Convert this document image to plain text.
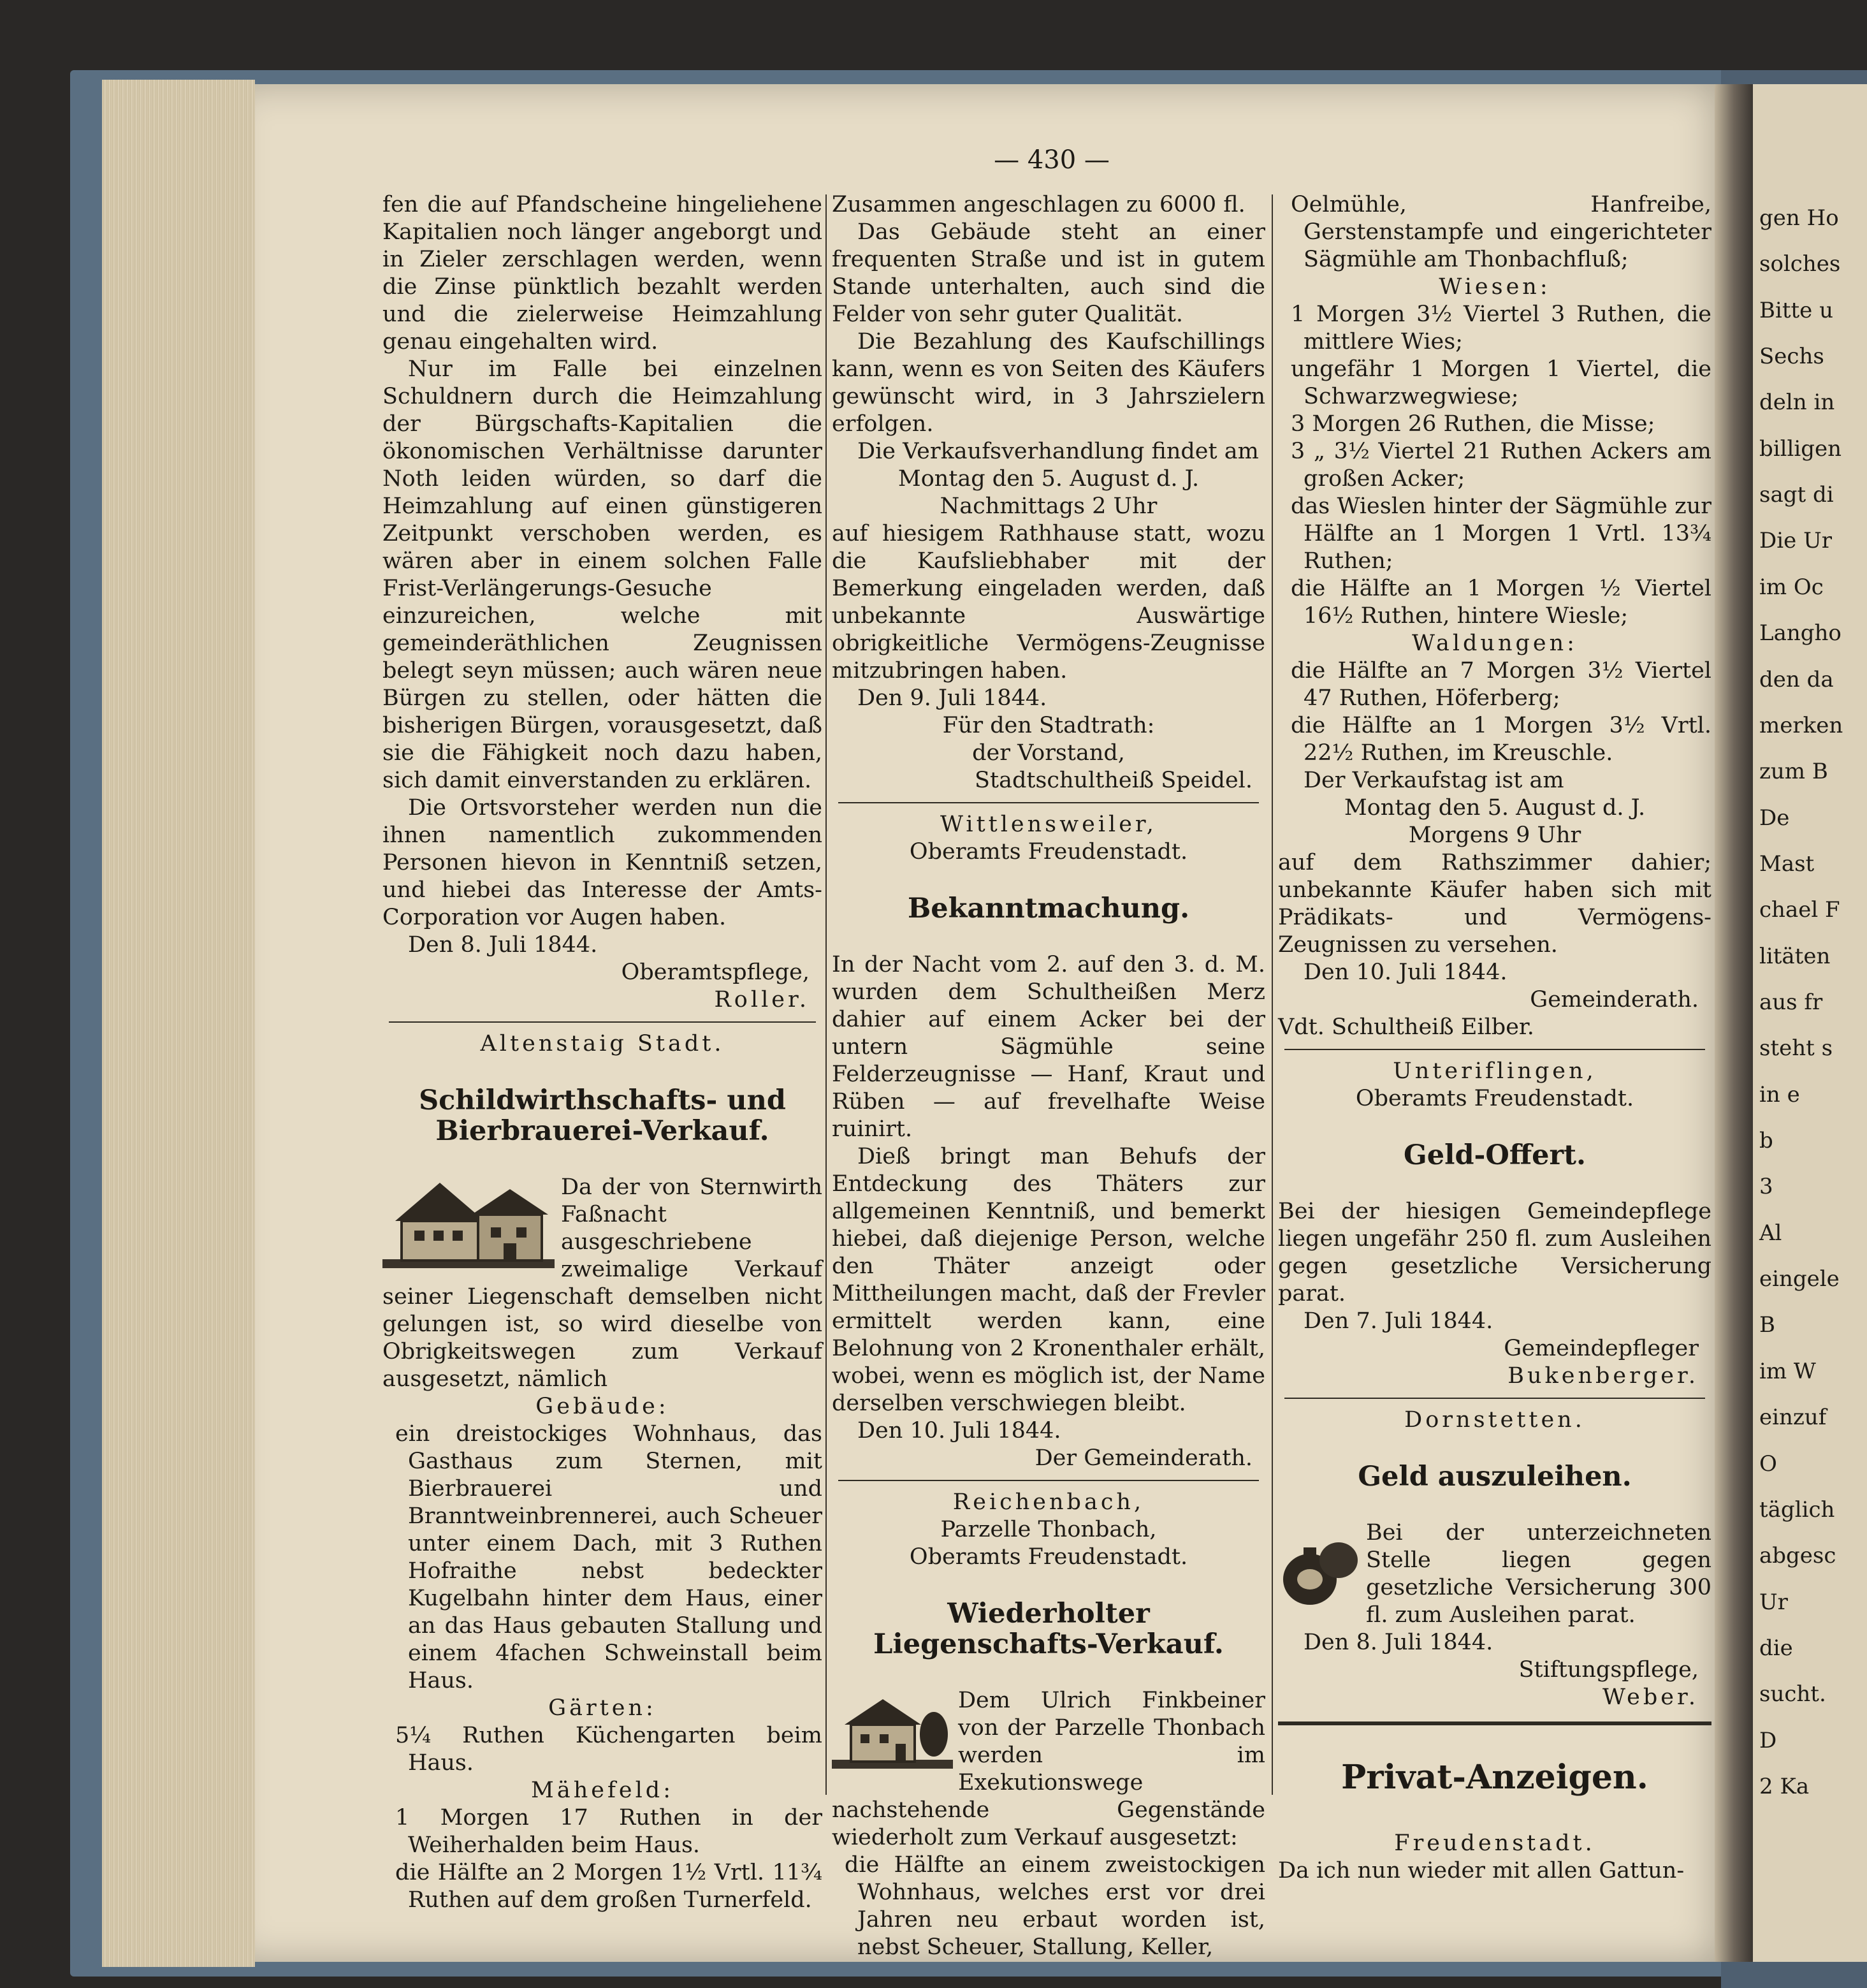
gen Ho
solches
Bitte u
Sechs
deln in
billigen
sagt di
Die Ur
im Oc
Langho
den da
merken
zum B
De
Mast
chael F
litäten
aus fr
steht s
in e
b
3
Al
eingele
B
im W
einzuf
O
täglich
abgesc
Ur
die
sucht.
D
2 Ka
— 430 —

fen die auf Pfandscheine hingeliehene Kapitalien noch länger angeborgt und in Zieler zerschlagen werden, wenn die Zinse pünktlich bezahlt werden und die zielerweise Heimzahlung genau eingehalten wird.

Nur im Falle bei einzelnen Schuldnern durch die Heimzahlung der Bürgschafts-Kapitalien die ökonomischen Verhältnisse darunter Noth leiden würden, so darf die Heimzahlung auf einen günstigeren Zeitpunkt verschoben werden, es wären aber in einem solchen Falle Frist-Verlängerungs-Gesuche einzureichen, welche mit gemeinderäthlichen Zeugnissen belegt seyn müssen; auch wären neue Bürgen zu stellen, oder hätten die bisherigen Bürgen, vorausgesetzt, daß sie die Fähigkeit noch dazu haben, sich damit einverstanden zu erklären.

Die Ortsvorsteher werden nun die ihnen namentlich zukommenden Personen hievon in Kenntniß setzen, und hiebei das Interesse der Amts-Corporation vor Augen haben.

Den 8. Juli 1844.

Oberamtspflege,

Roller.

Altenstaig Stadt.

Schildwirthschafts- und Bierbrauerei-Verkauf.

Da der von Sternwirth Faßnacht ausgeschriebene zweimalige Verkauf seiner Liegenschaft demselben nicht gelungen ist, so wird dieselbe von Obrigkeitswegen zum Verkauf ausgesetzt, nämlich

Gebäude:

ein dreistockiges Wohnhaus, das Gasthaus zum Sternen, mit Bierbrauerei und Branntweinbrennerei, auch Scheuer unter einem Dach, mit 3 Ruthen Hofraithe nebst bedeckter Kugelbahn hinter dem Haus, einer an das Haus gebauten Stallung und einem 4fachen Schweinstall beim Haus.

Gärten:

5¼ Ruthen Küchengarten beim Haus.

Mähefeld:

1 Morgen 17 Ruthen in der Weiherhalden beim Haus.

die Hälfte an 2 Morgen 1½ Vrtl. 11¾ Ruthen auf dem großen Turnerfeld.

Zusammen angeschlagen zu 6000 fl.

Das Gebäude steht an einer frequenten Straße und ist in gutem Stande unterhalten, auch sind die Felder von sehr guter Qualität.

Die Bezahlung des Kaufschillings kann, wenn es von Seiten des Käufers gewünscht wird, in 3 Jahrszielern erfolgen.

Die Verkaufsverhandlung findet am

Montag den 5. August d. J.

Nachmittags 2 Uhr

auf hiesigem Rathhause statt, wozu die Kaufsliebhaber mit der Bemerkung eingeladen werden, daß unbekannte Auswärtige obrigkeitliche Vermögens-Zeugnisse mitzubringen haben.

Den 9. Juli 1844.

Für den Stadtrath:

der Vorstand,

Stadtschultheiß Speidel.

Wittlensweiler,

Oberamts Freudenstadt.

Bekanntmachung.

In der Nacht vom 2. auf den 3. d. M. wurden dem Schultheißen Merz dahier auf einem Acker bei der untern Sägmühle seine Felderzeugnisse — Hanf, Kraut und Rüben — auf frevelhafte Weise ruinirt.

Dieß bringt man Behufs der Entdeckung des Thäters zur allgemeinen Kenntniß, und bemerkt hiebei, daß diejenige Person, welche den Thäter anzeigt oder Mittheilungen macht, daß der Frevler ermittelt werden kann, eine Belohnung von 2 Kronenthaler erhält, wobei, wenn es möglich ist, der Name derselben verschwiegen bleibt.

Den 10. Juli 1844.

Der Gemeinderath.

Reichenbach,

Parzelle Thonbach,

Oberamts Freudenstadt.

Wiederholter Liegenschafts-Verkauf.

Dem Ulrich Finkbeiner von der Parzelle Thonbach werden im Exekutionswege nachstehende Gegenstände wiederholt zum Verkauf ausgesetzt:

die Hälfte an einem zweistockigen Wohnhaus, welches erst vor drei Jahren neu erbaut worden ist, nebst Scheuer, Stallung, Keller,

Oelmühle, Hanfreibe, Gerstenstampfe und eingerichteter Sägmühle am Thonbachfluß;

Wiesen:

1 Morgen 3½ Viertel 3 Ruthen, die mittlere Wies;

ungefähr 1 Morgen 1 Viertel, die Schwarzwegwiese;

3 Morgen 26 Ruthen, die Misse;

3 „ 3½ Viertel 21 Ruthen Ackers am großen Acker;

das Wieslen hinter der Sägmühle zur Hälfte an 1 Morgen 1 Vrtl. 13¾ Ruthen;

die Hälfte an 1 Morgen ½ Viertel 16½ Ruthen, hintere Wiesle;

Waldungen:

die Hälfte an 7 Morgen 3½ Viertel 47 Ruthen, Höferberg;

die Hälfte an 1 Morgen 3½ Vrtl. 22½ Ruthen, im Kreuschle.

Der Verkaufstag ist am

Montag den 5. August d. J.

Morgens 9 Uhr

auf dem Rathszimmer dahier; unbekannte Käufer haben sich mit Prädikats- und Vermögens-Zeugnissen zu versehen.

Den 10. Juli 1844.

Gemeinderath.

Vdt. Schultheiß Eilber.

Unteriflingen,

Oberamts Freudenstadt.

Geld-Offert.

Bei der hiesigen Gemeindepflege liegen ungefähr 250 fl. zum Ausleihen gegen gesetzliche Versicherung parat.

Den 7. Juli 1844.

Gemeindepfleger

Bukenberger.

Dornstetten.

Geld auszuleihen.

Bei der unterzeichneten Stelle liegen gegen gesetzliche Versicherung 300 fl. zum Ausleihen parat.

Den 8. Juli 1844.

Stiftungspflege,

Weber.

Privat-Anzeigen.

Freudenstadt.

Da ich nun wieder mit allen Gattun-
